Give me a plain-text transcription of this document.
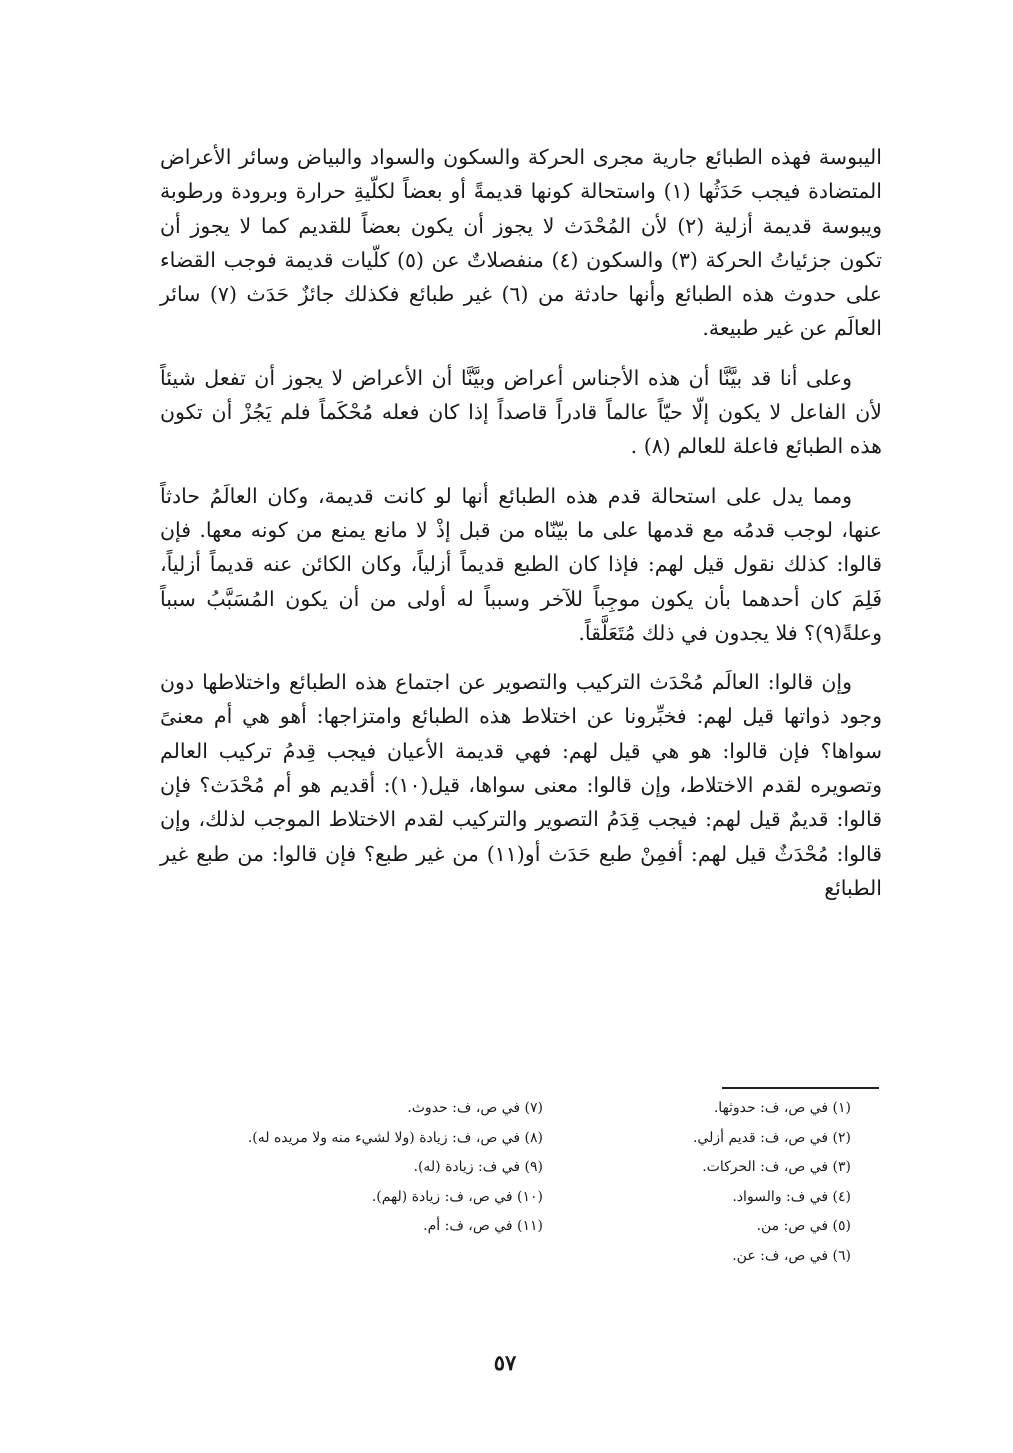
اليبوسة فهذه الطبائع جارية مجرى الحركة والسكون والسواد والبياض وسائر الأعراض المتضادة فيجب حَدَثُها (١) واستحالة كونها قديمةً أو بعضاً لكلّيةِ حرارة وبرودة ورطوبة ويبوسة قديمة أزلية (٢) لأن المُحْدَث لا يجوز أن يكون بعضاً للقديم كما لا يجوز أن تكون جزئياتُ الحركة (٣) والسكون (٤) منفصلاتٌ عن (٥) كلّيات قديمة فوجب القضاء على حدوث هذه الطبائع وأنها حادثة من (٦) غير طبائع فكذلك جائزٌ حَدَث (٧) سائر العالَم عن غير طبيعة.

وعلى أنا قد بيَّنَّا أن هذه الأجناس أعراض وبيَّنَّا أن الأعراض لا يجوز أن تفعل شيئاً لأن الفاعل لا يكون إلّا حيّاً عالماً قادراً قاصداً إذا كان فعله مُحْكَماً فلم يَجُزْ أن تكون هذه الطبائع فاعلة للعالم (٨) .

ومما يدل على استحالة قدم هذه الطبائع أنها لو كانت قديمة، وكان العالَمُ حادثاً عنها، لوجب قدمُه مع قدمها على ما بيّنّاه من قبل إذْ لا مانع يمنع من كونه معها. فإن قالوا: كذلك نقول قيل لهم: فإذا كان الطبع قديماً أزلياً، وكان الكائن عنه قديماً أزلياً، فَلِمَ كان أحدهما بأن يكون موجِباً للآخر وسبباً له أولى من أن يكون المُسَبَّبُ سبباً وعلةً(٩)؟ فلا يجدون في ذلك مُتَعَلَّقاً.

وإن قالوا: العالَم مُحْدَث التركيب والتصوير عن اجتماع هذه الطبائع واختلاطها دون وجود ذواتها قيل لهم: فخبِّرونا عن اختلاط هذه الطبائع وامتزاجها: أهو هي أم معنىً سواها؟ فإن قالوا: هو هي قيل لهم: فهي قديمة الأعيان فيجب قِدمُ تركيب العالم وتصويره لقدم الاختلاط، وإن قالوا: معنى سواها، قيل(١٠): أقديم هو أم مُحْدَث؟ فإن قالوا: قديمٌ قيل لهم: فيجب قِدَمُ التصوير والتركيب لقدم الاختلاط الموجب لذلك، وإن قالوا: مُحْدَثٌ قيل لهم: أفمِنْ طبع حَدَث أو(١١) من غير طبع؟ فإن قالوا: من طبع غير الطبائع

(١) في ص، ف: حدوثها.
(٢) في ص، ف: قديم أزلي.
(٣) في ص، ف: الحركات.
(٤) في ف: والسواد.
(٥) في ص: من.
(٦) في ص، ف: عن.
(٧) في ص، ف: حدوث.
(٨) في ص، ف: زيادة (ولا لشيء منه ولا مريده له).
(٩) في ف: زيادة (له).
(١٠) في ص، ف: زيادة (لهم).
(١١) في ص، ف: أم.
٥٧
